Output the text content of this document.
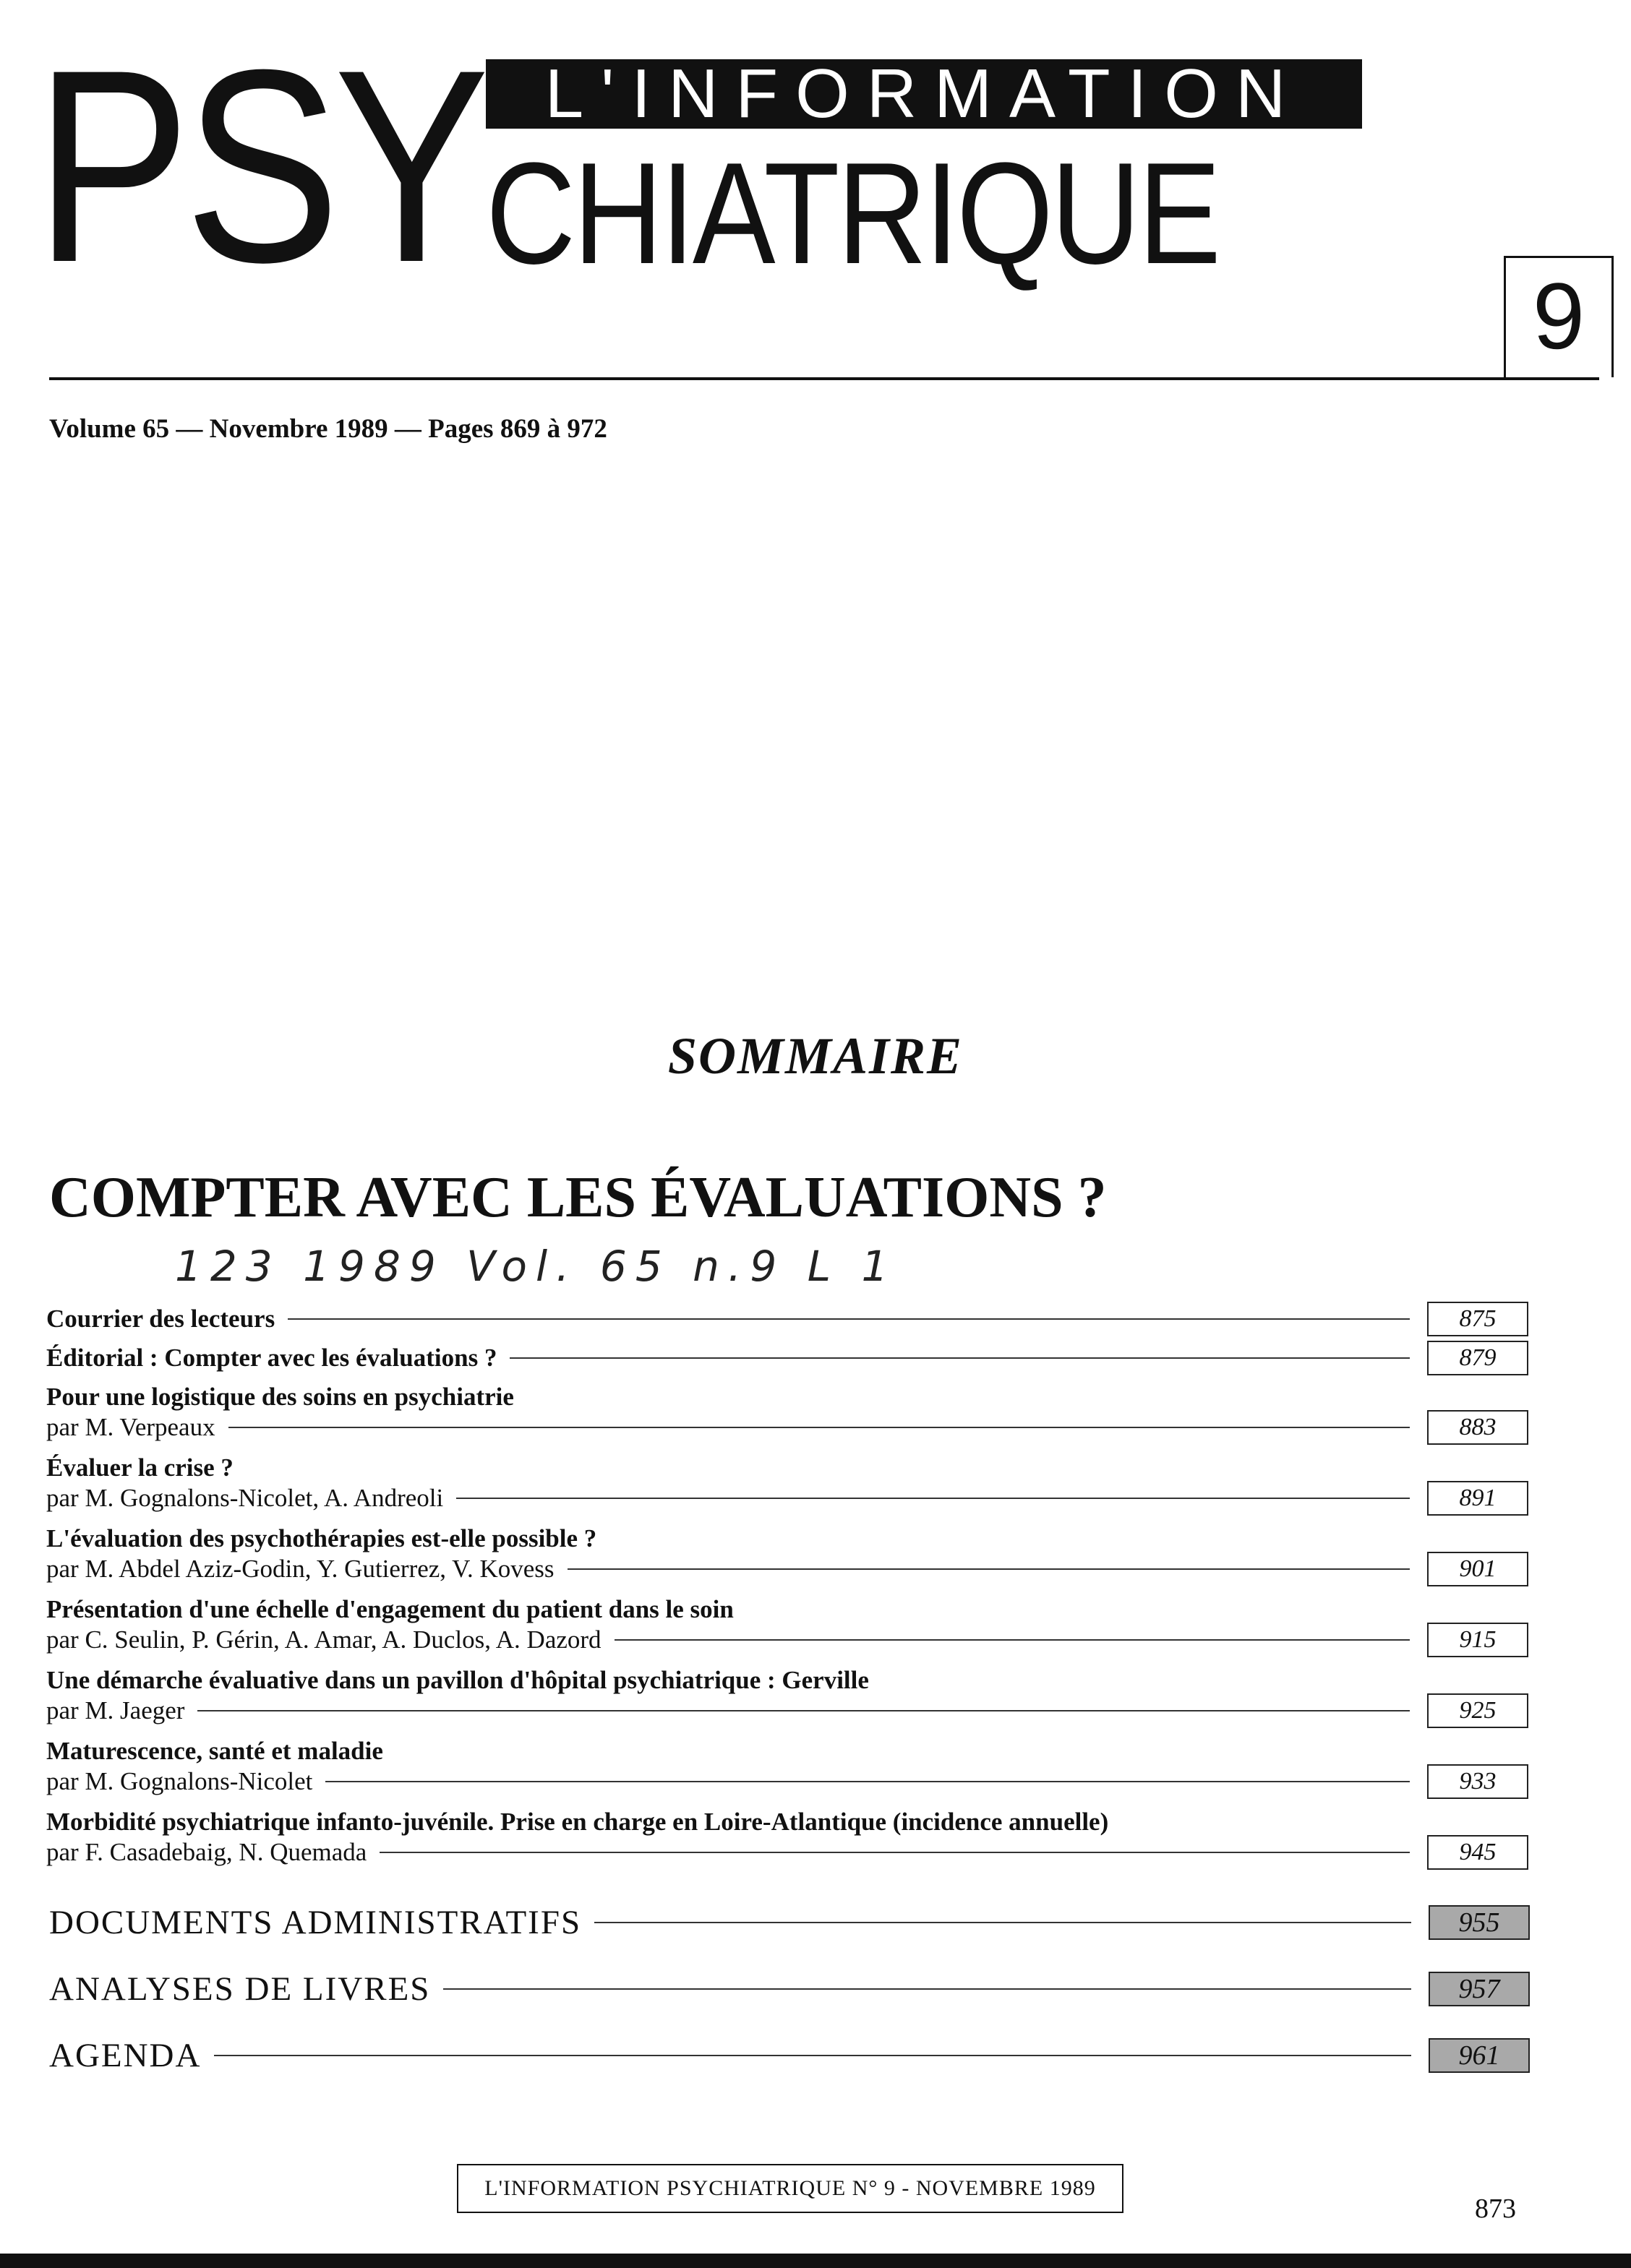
PSY L'INFORMATION
CHIATRIQUE
9
Volume 65 — Novembre 1989 — Pages 869 à 972
SOMMAIRE
COMPTER AVEC LES ÉVALUATIONS ?
123 1989 Vol. 65 n.9 L 1
Courrier des lecteurs	875
Éditorial : Compter avec les évaluations ?	879
Pour une logistique des soins en psychiatrie
par M. Verpeaux	883
Évaluer la crise ?
par M. Gognalons-Nicolet, A. Andreoli	891
L'évaluation des psychothérapies est-elle possible ?
par M. Abdel Aziz-Godin, Y. Gutierrez, V. Kovess	901
Présentation d'une échelle d'engagement du patient dans le soin
par C. Seulin, P. Gérin, A. Amar, A. Duclos, A. Dazord	915
Une démarche évaluative dans un pavillon d'hôpital psychiatrique : Gerville
par M. Jaeger	925
Maturescence, santé et maladie
par M. Gognalons-Nicolet	933
Morbidité psychiatrique infanto-juvénile. Prise en charge en Loire-Atlantique (incidence annuelle)
par F. Casadebaig, N. Quemada	945
DOCUMENTS ADMINISTRATIFS	955
ANALYSES DE LIVRES	957
AGENDA	961
L'INFORMATION PSYCHIATRIQUE N° 9 - NOVEMBRE 1989
873
